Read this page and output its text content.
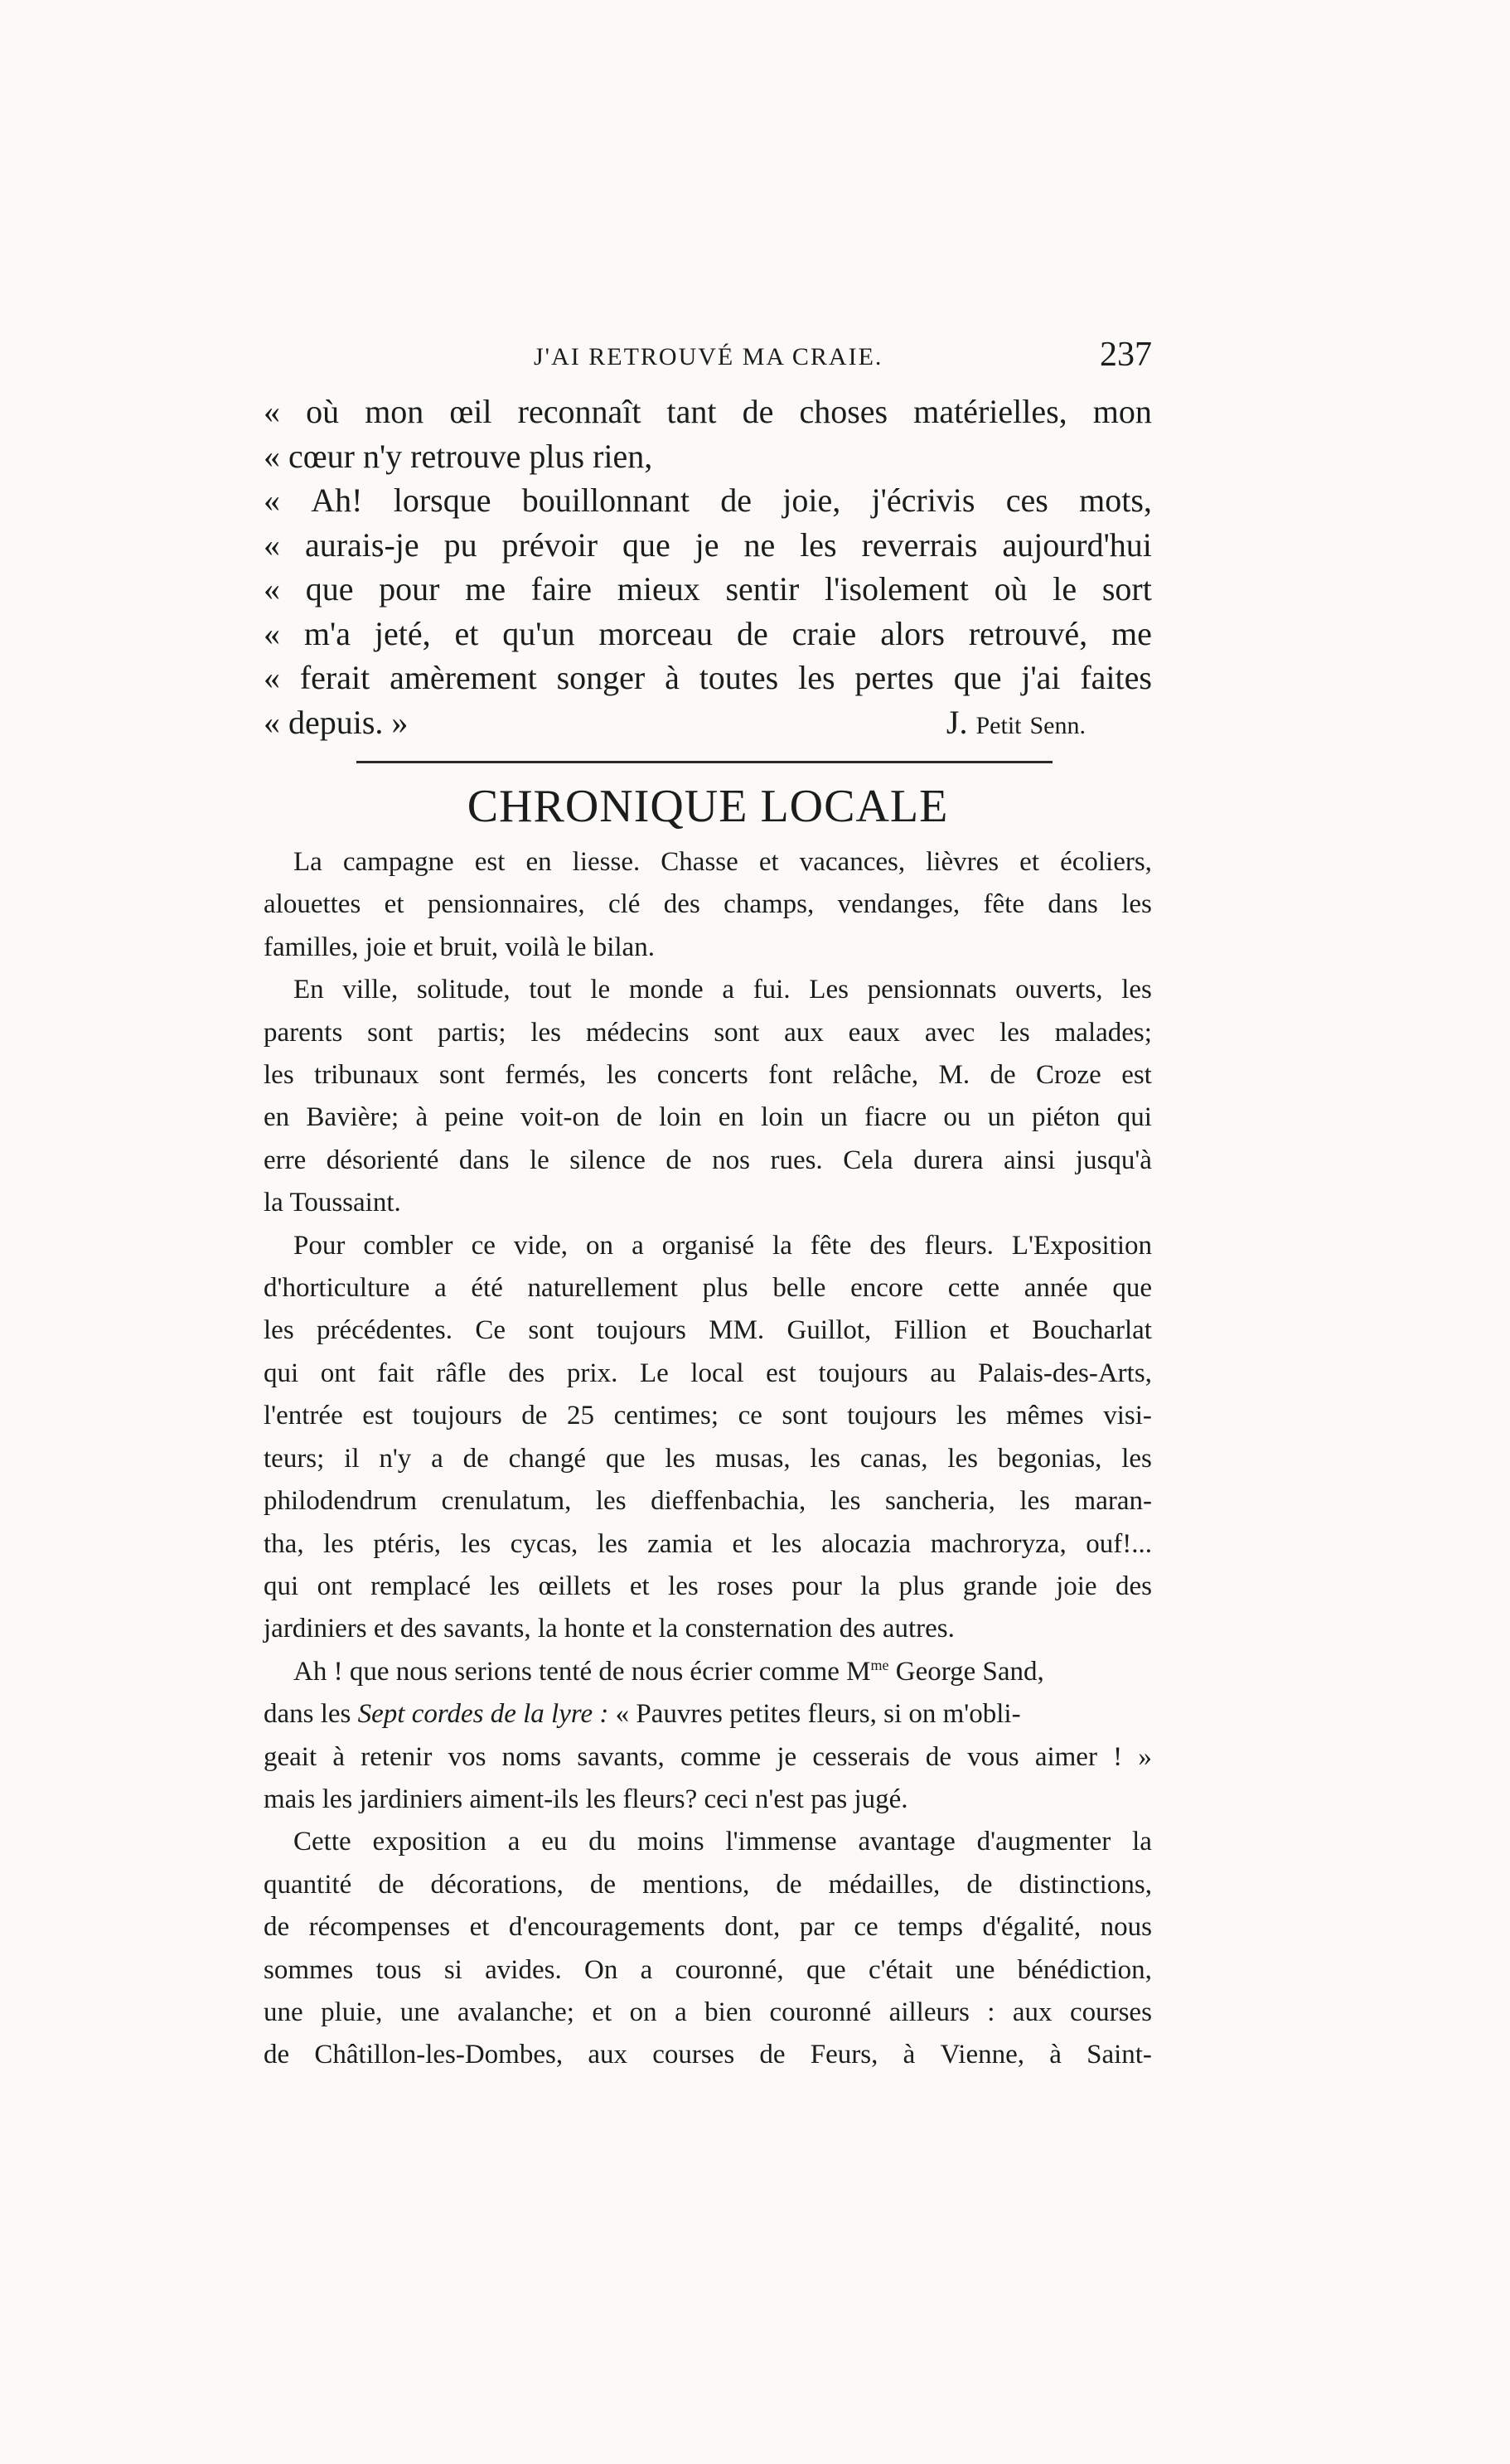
J'AI RETROUVÉ MA CRAIE.	237
« où mon œil reconnaît tant de choses matérielles, mon
« cœur n'y retrouve plus rien,
« Ah! lorsque bouillonnant de joie, j'écrivis ces mots,
« aurais-je pu prévoir que je ne les reverrais aujourd'hui
« que pour me faire mieux sentir l'isolement où le sort
« m'a jeté, et qu'un morceau de craie alors retrouvé, me
« ferait amèrement songer à toutes les pertes que j'ai faites
« depuis. »	J. Petit Senn.
CHRONIQUE LOCALE
La campagne est en liesse. Chasse et vacances, lièvres et écoliers,
alouettes et pensionnaires, clé des champs, vendanges, fête dans les
familles, joie et bruit, voilà le bilan.
En ville, solitude, tout le monde a fui. Les pensionnats ouverts, les
parents sont partis; les médecins sont aux eaux avec les malades;
les tribunaux sont fermés, les concerts font relâche, M. de Croze est
en Bavière; à peine voit-on de loin en loin un fiacre ou un piéton qui
erre désorienté dans le silence de nos rues. Cela durera ainsi jusqu'à
la Toussaint.
Pour combler ce vide, on a organisé la fête des fleurs. L'Exposition
d'horticulture a été naturellement plus belle encore cette année que
les précédentes. Ce sont toujours MM. Guillot, Fillion et Boucharlat
qui ont fait râfle des prix. Le local est toujours au Palais-des-Arts,
l'entrée est toujours de 25 centimes; ce sont toujours les mêmes visi-
teurs; il n'y a de changé que les musas, les canas, les begonias, les
philodendrum crenulatum, les dieffenbachia, les sancheria, les maran-
tha, les ptéris, les cycas, les zamia et les alocazia machroryza, ouf!...
qui ont remplacé les œillets et les roses pour la plus grande joie des
jardiniers et des savants, la honte et la consternation des autres.
Ah ! que nous serions tenté de nous écrier comme $M^{me}$ George Sand,
dans les Sept cordes de la lyre : « Pauvres petites fleurs, si on m'obli-
geait à retenir vos noms savants, comme je cesserais de vous aimer ! »
mais les jardiniers aiment-ils les fleurs? ceci n'est pas jugé.
Cette exposition a eu du moins l'immense avantage d'augmenter la
quantité de décorations, de mentions, de médailles, de distinctions,
de récompenses et d'encouragements dont, par ce temps d'égalité, nous
sommes tous si avides. On a couronné, que c'était une bénédiction,
une pluie, une avalanche; et on a bien couronné ailleurs : aux courses
de Châtillon-les-Dombes, aux courses de Feurs, à Vienne, à Saint-
